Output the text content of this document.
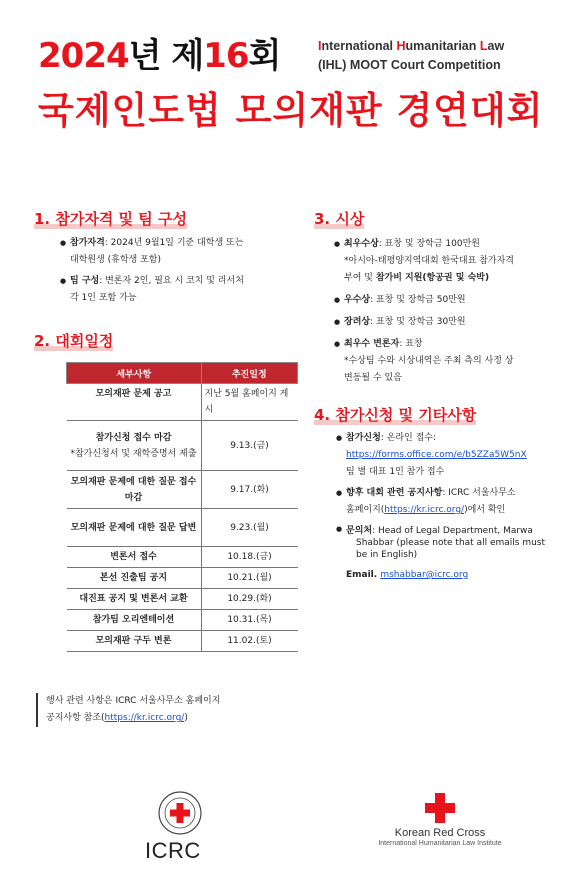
2024년 제16회	International Humanitarian Law
(IHL) MOOT Court Competition
국제인도법 모의재판 경연대회
1. 참가자격 및 팀 구성
● 참가자격: 2024년 9월1일 기준 대학생 또는
대학원생 (휴학생 포함)
● 팀 구성: 변론자 2인, 필요 시 코치 및 리서처
각 1인 포함 가능
2. 대회일정
세부사항	추진일정
모의재판 문제 공고	지난 5월 홈페이지 게시
참가신청 접수 마감
*참가신청서 및 재학증명서 제출	9.13.(금)
모의재판 문제에 대한 질문 접수 마감	9.17.(화)
모의재판 문제에 대한 질문 답변	9.23.(월)
변론서 접수	10.18.(금)
본선 진출팀 공지	10.21.(월)
대진표 공지 및 변론서 교환	10.29.(화)
참가팀 오리엔테이션	10.31.(목)
모의재판 구두 변론	11.02.(토)
3. 시상
● 최우수상: 표창 및 장학금 100만원
*아시아-태평양지역대회 한국대표 참가자격
부여 및 참가비 지원(항공권 및 숙박)
● 우수상: 표창 및 장학금 50만원
● 장려상: 표창 및 장학금 30만원
● 최우수 변론자: 표창
*수상팀 수와 시상내역은 주최 측의 사정 상
변동될 수 있음
4. 참가신청 및 기타사항
● 참가신청: 온라인 접수:
https://forms.office.com/e/b5ZZa5W5nX
팀 별 대표 1인 참가 접수
● 향후 대회 관련 공지사항: ICRC 서울사무소
홈페이지(https://kr.icrc.org/)에서 확인
● 문의처: Head of Legal Department, Marwa
Shabbar (please note that all emails must
be in English)
Email. mshabbar@icrc.org
행사 관련 사항은 ICRC 서울사무소 홈페이지
공지사항 참조(https://kr.icrc.org/)
ICRC
Korean Red Cross
International Humanitarian Law Institute
